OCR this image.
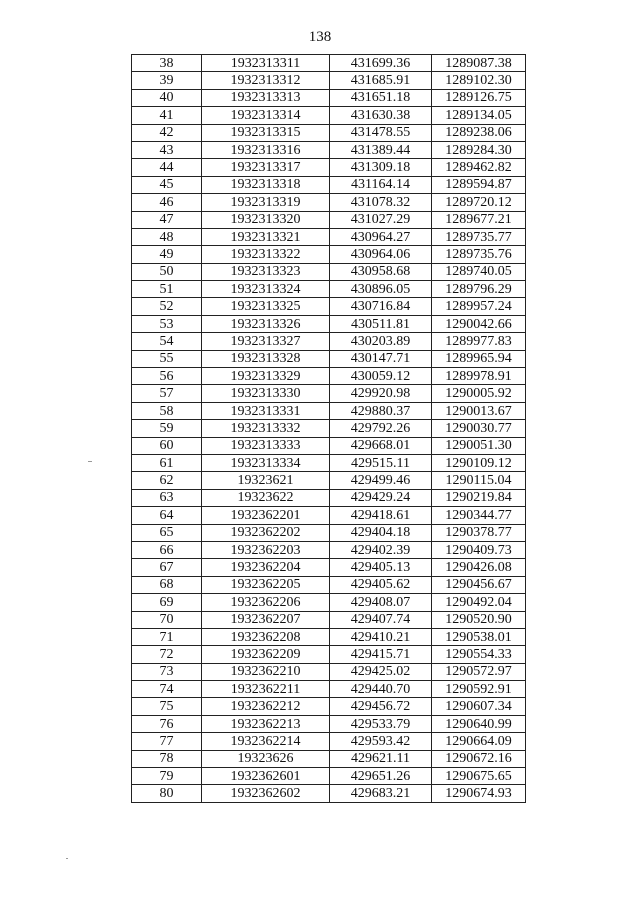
138
38	1932313311	431699.36	1289087.38
39	1932313312	431685.91	1289102.30
40	1932313313	431651.18	1289126.75
41	1932313314	431630.38	1289134.05
42	1932313315	431478.55	1289238.06
43	1932313316	431389.44	1289284.30
44	1932313317	431309.18	1289462.82
45	1932313318	431164.14	1289594.87
46	1932313319	431078.32	1289720.12
47	1932313320	431027.29	1289677.21
48	1932313321	430964.27	1289735.77
49	1932313322	430964.06	1289735.76
50	1932313323	430958.68	1289740.05
51	1932313324	430896.05	1289796.29
52	1932313325	430716.84	1289957.24
53	1932313326	430511.81	1290042.66
54	1932313327	430203.89	1289977.83
55	1932313328	430147.71	1289965.94
56	1932313329	430059.12	1289978.91
57	1932313330	429920.98	1290005.92
58	1932313331	429880.37	1290013.67
59	1932313332	429792.26	1290030.77
60	1932313333	429668.01	1290051.30
61	1932313334	429515.11	1290109.12
62	19323621	429499.46	1290115.04
63	19323622	429429.24	1290219.84
64	1932362201	429418.61	1290344.77
65	1932362202	429404.18	1290378.77
66	1932362203	429402.39	1290409.73
67	1932362204	429405.13	1290426.08
68	1932362205	429405.62	1290456.67
69	1932362206	429408.07	1290492.04
70	1932362207	429407.74	1290520.90
71	1932362208	429410.21	1290538.01
72	1932362209	429415.71	1290554.33
73	1932362210	429425.02	1290572.97
74	1932362211	429440.70	1290592.91
75	1932362212	429456.72	1290607.34
76	1932362213	429533.79	1290640.99
77	1932362214	429593.42	1290664.09
78	19323626	429621.11	1290672.16
79	1932362601	429651.26	1290675.65
80	1932362602	429683.21	1290674.93
